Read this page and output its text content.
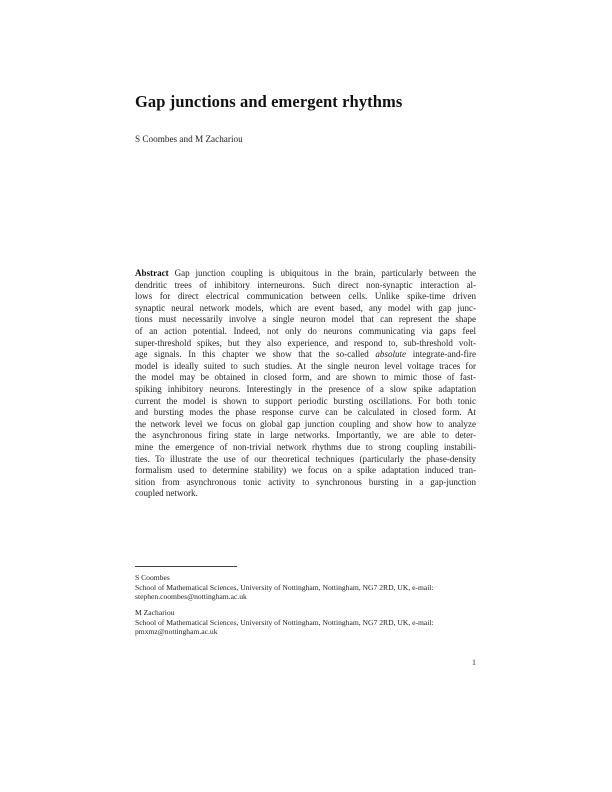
Gap junctions and emergent rhythms
S Coombes and M Zachariou
Abstract Gap junction coupling is ubiquitous in the brain, particularly between the
dendritic trees of inhibitory interneurons. Such direct non-synaptic interaction al-
lows for direct electrical communication between cells. Unlike spike-time driven
synaptic neural network models, which are event based, any model with gap junc-
tions must necessarily involve a single neuron model that can represent the shape
of an action potential. Indeed, not only do neurons communicating via gaps feel
super-threshold spikes, but they also experience, and respond to, sub-threshold volt-
age signals. In this chapter we show that the so-called absolute integrate-and-fire
model is ideally suited to such studies. At the single neuron level voltage traces for
the model may be obtained in closed form, and are shown to mimic those of fast-
spiking inhibitory neurons. Interestingly in the presence of a slow spike adaptation
current the model is shown to support periodic bursting oscillations. For both tonic
and bursting modes the phase response curve can be calculated in closed form. At
the network level we focus on global gap junction coupling and show how to analyze
the asynchronous firing state in large networks. Importantly, we are able to deter-
mine the emergence of non-trivial network rhythms due to strong coupling instabili-
ties. To illustrate the use of our theoretical techniques (particularly the phase-density
formalism used to determine stability) we focus on a spike adaptation induced tran-
sition from asynchronous tonic activity to synchronous bursting in a gap-junction
coupled network.
S Coombes
School of Mathematical Sciences, University of Nottingham, Nottingham, NG7 2RD, UK, e-mail:
stephen.coombes@nottingham.ac.uk
M Zachariou
School of Mathematical Sciences, University of Nottingham, Nottingham, NG7 2RD, UK, e-mail:
pmxmz@nottingham.ac.uk
1
